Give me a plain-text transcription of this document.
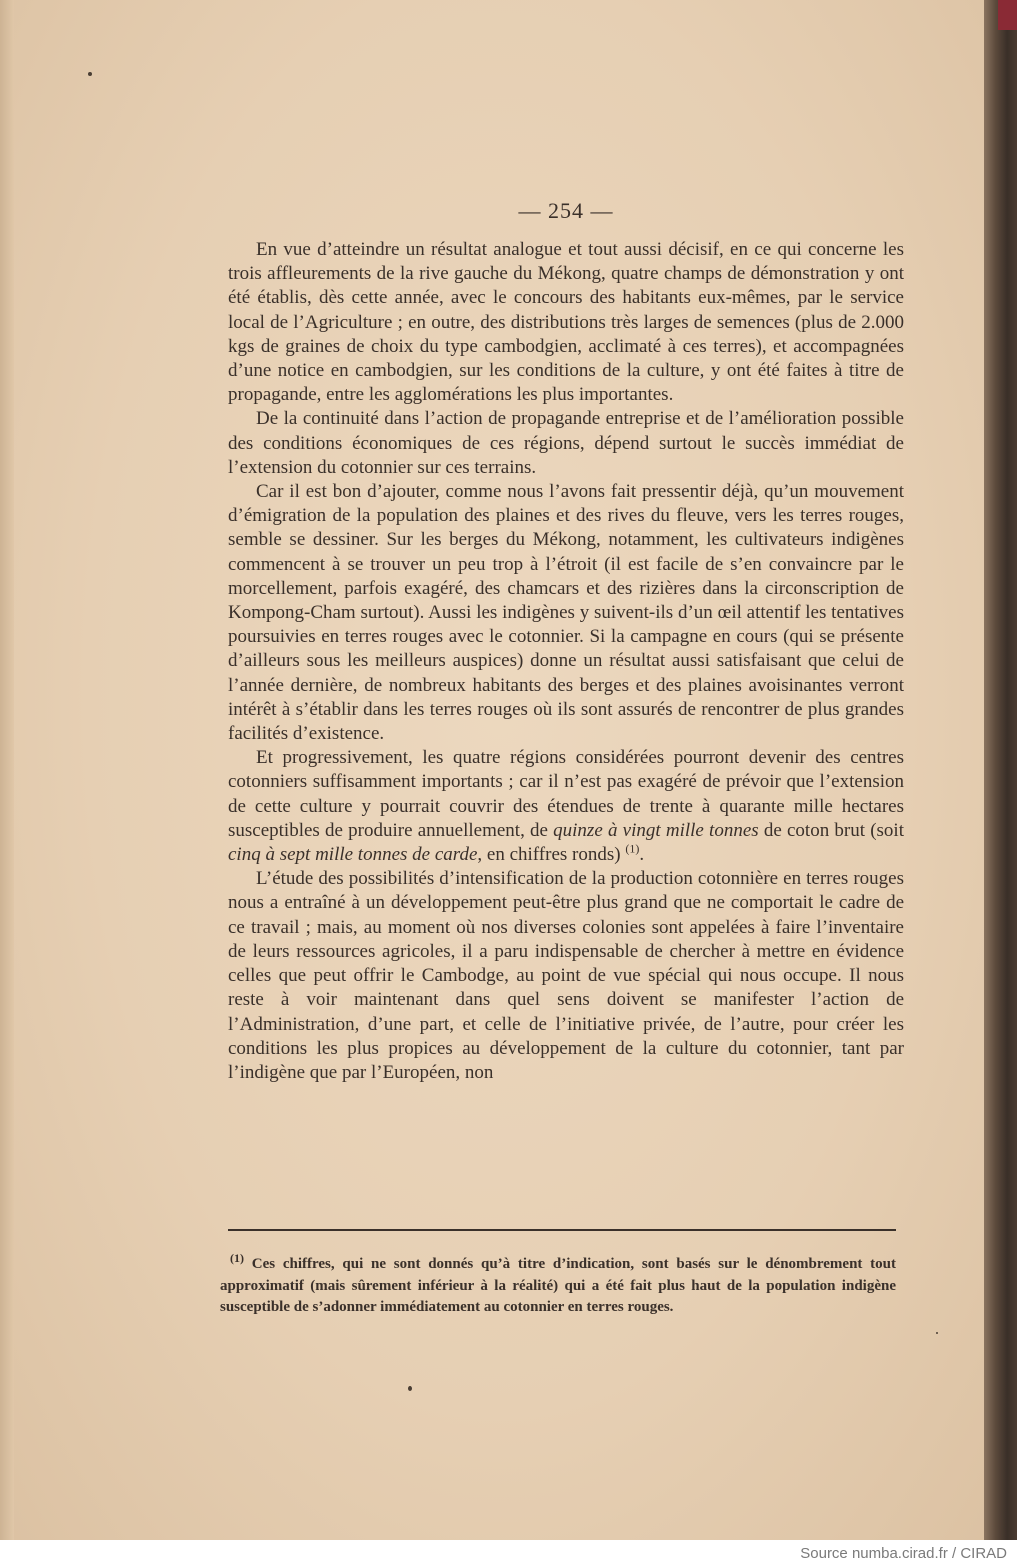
— 254 —

En vue d’atteindre un résultat analogue et tout aussi décisif, en ce qui concerne les trois affleurements de la rive gauche du Mékong, quatre champs de démonstration y ont été établis, dès cette année, avec le concours des habitants eux-mêmes, par le service local de l’Agriculture ; en outre, des distributions très larges de semences (plus de 2.000 kgs de graines de choix du type cambodgien, acclimaté à ces terres), et accompagnées d’une notice en cambodgien, sur les conditions de la culture, y ont été faites à titre de propagande, entre les agglomérations les plus importantes.

De la continuité dans l’action de propagande entreprise et de l’amélioration possible des conditions économiques de ces régions, dépend surtout le succès immédiat de l’extension du cotonnier sur ces terrains.

Car il est bon d’ajouter, comme nous l’avons fait pressentir déjà, qu’un mouvement d’émigration de la population des plaines et des rives du fleuve, vers les terres rouges, semble se dessiner. Sur les berges du Mékong, notamment, les cultivateurs indigènes commencent à se trouver un peu trop à l’étroit (il est facile de s’en convaincre par le morcellement, parfois exagéré, des chamcars et des rizières dans la circonscription de Kompong-Cham surtout). Aussi les indigènes y suivent-ils d’un œil attentif les tentatives poursuivies en terres rouges avec le cotonnier. Si la campagne en cours (qui se présente d’ailleurs sous les meilleurs auspices) donne un résultat aussi satisfaisant que celui de l’année dernière, de nombreux habitants des berges et des plaines avoisinantes verront intérêt à s’établir dans les terres rouges où ils sont assurés de rencontrer de plus grandes facilités d’existence.

Et progressivement, les quatre régions considérées pourront devenir des centres cotonniers suffisamment importants ; car il n’est pas exagéré de prévoir que l’extension de cette culture y pourrait couvrir des étendues de trente à quarante mille hectares susceptibles de produire annuellement, de quinze à vingt mille tonnes de coton brut (soit cinq à sept mille tonnes de carde, en chiffres ronds) $^{(1)}$.

L’étude des possibilités d’intensification de la production cotonnière en terres rouges nous a entraîné à un développement peut-être plus grand que ne comportait le cadre de ce travail ; mais, au moment où nos diverses colonies sont appelées à faire l’inventaire de leurs ressources agricoles, il a paru indispensable de chercher à mettre en évidence celles que peut offrir le Cambodge, au point de vue spécial qui nous occupe. Il nous reste à voir maintenant dans quel sens doivent se manifester l’action de l’Administration, d’une part, et celle de l’initiative privée, de l’autre, pour créer les conditions les plus propices au développement de la culture du cotonnier, tant par l’indigène que par l’Européen, non

$^{(1)}$ Ces chiffres, qui ne sont donnés qu’à titre d’indication, sont basés sur le dénombrement tout approximatif (mais sûrement inférieur à la réalité) qui a été fait plus haut de la population indigène susceptible de s’adonner immédiatement au cotonnier en terres rouges.

Source numba.cirad.fr / CIRAD
